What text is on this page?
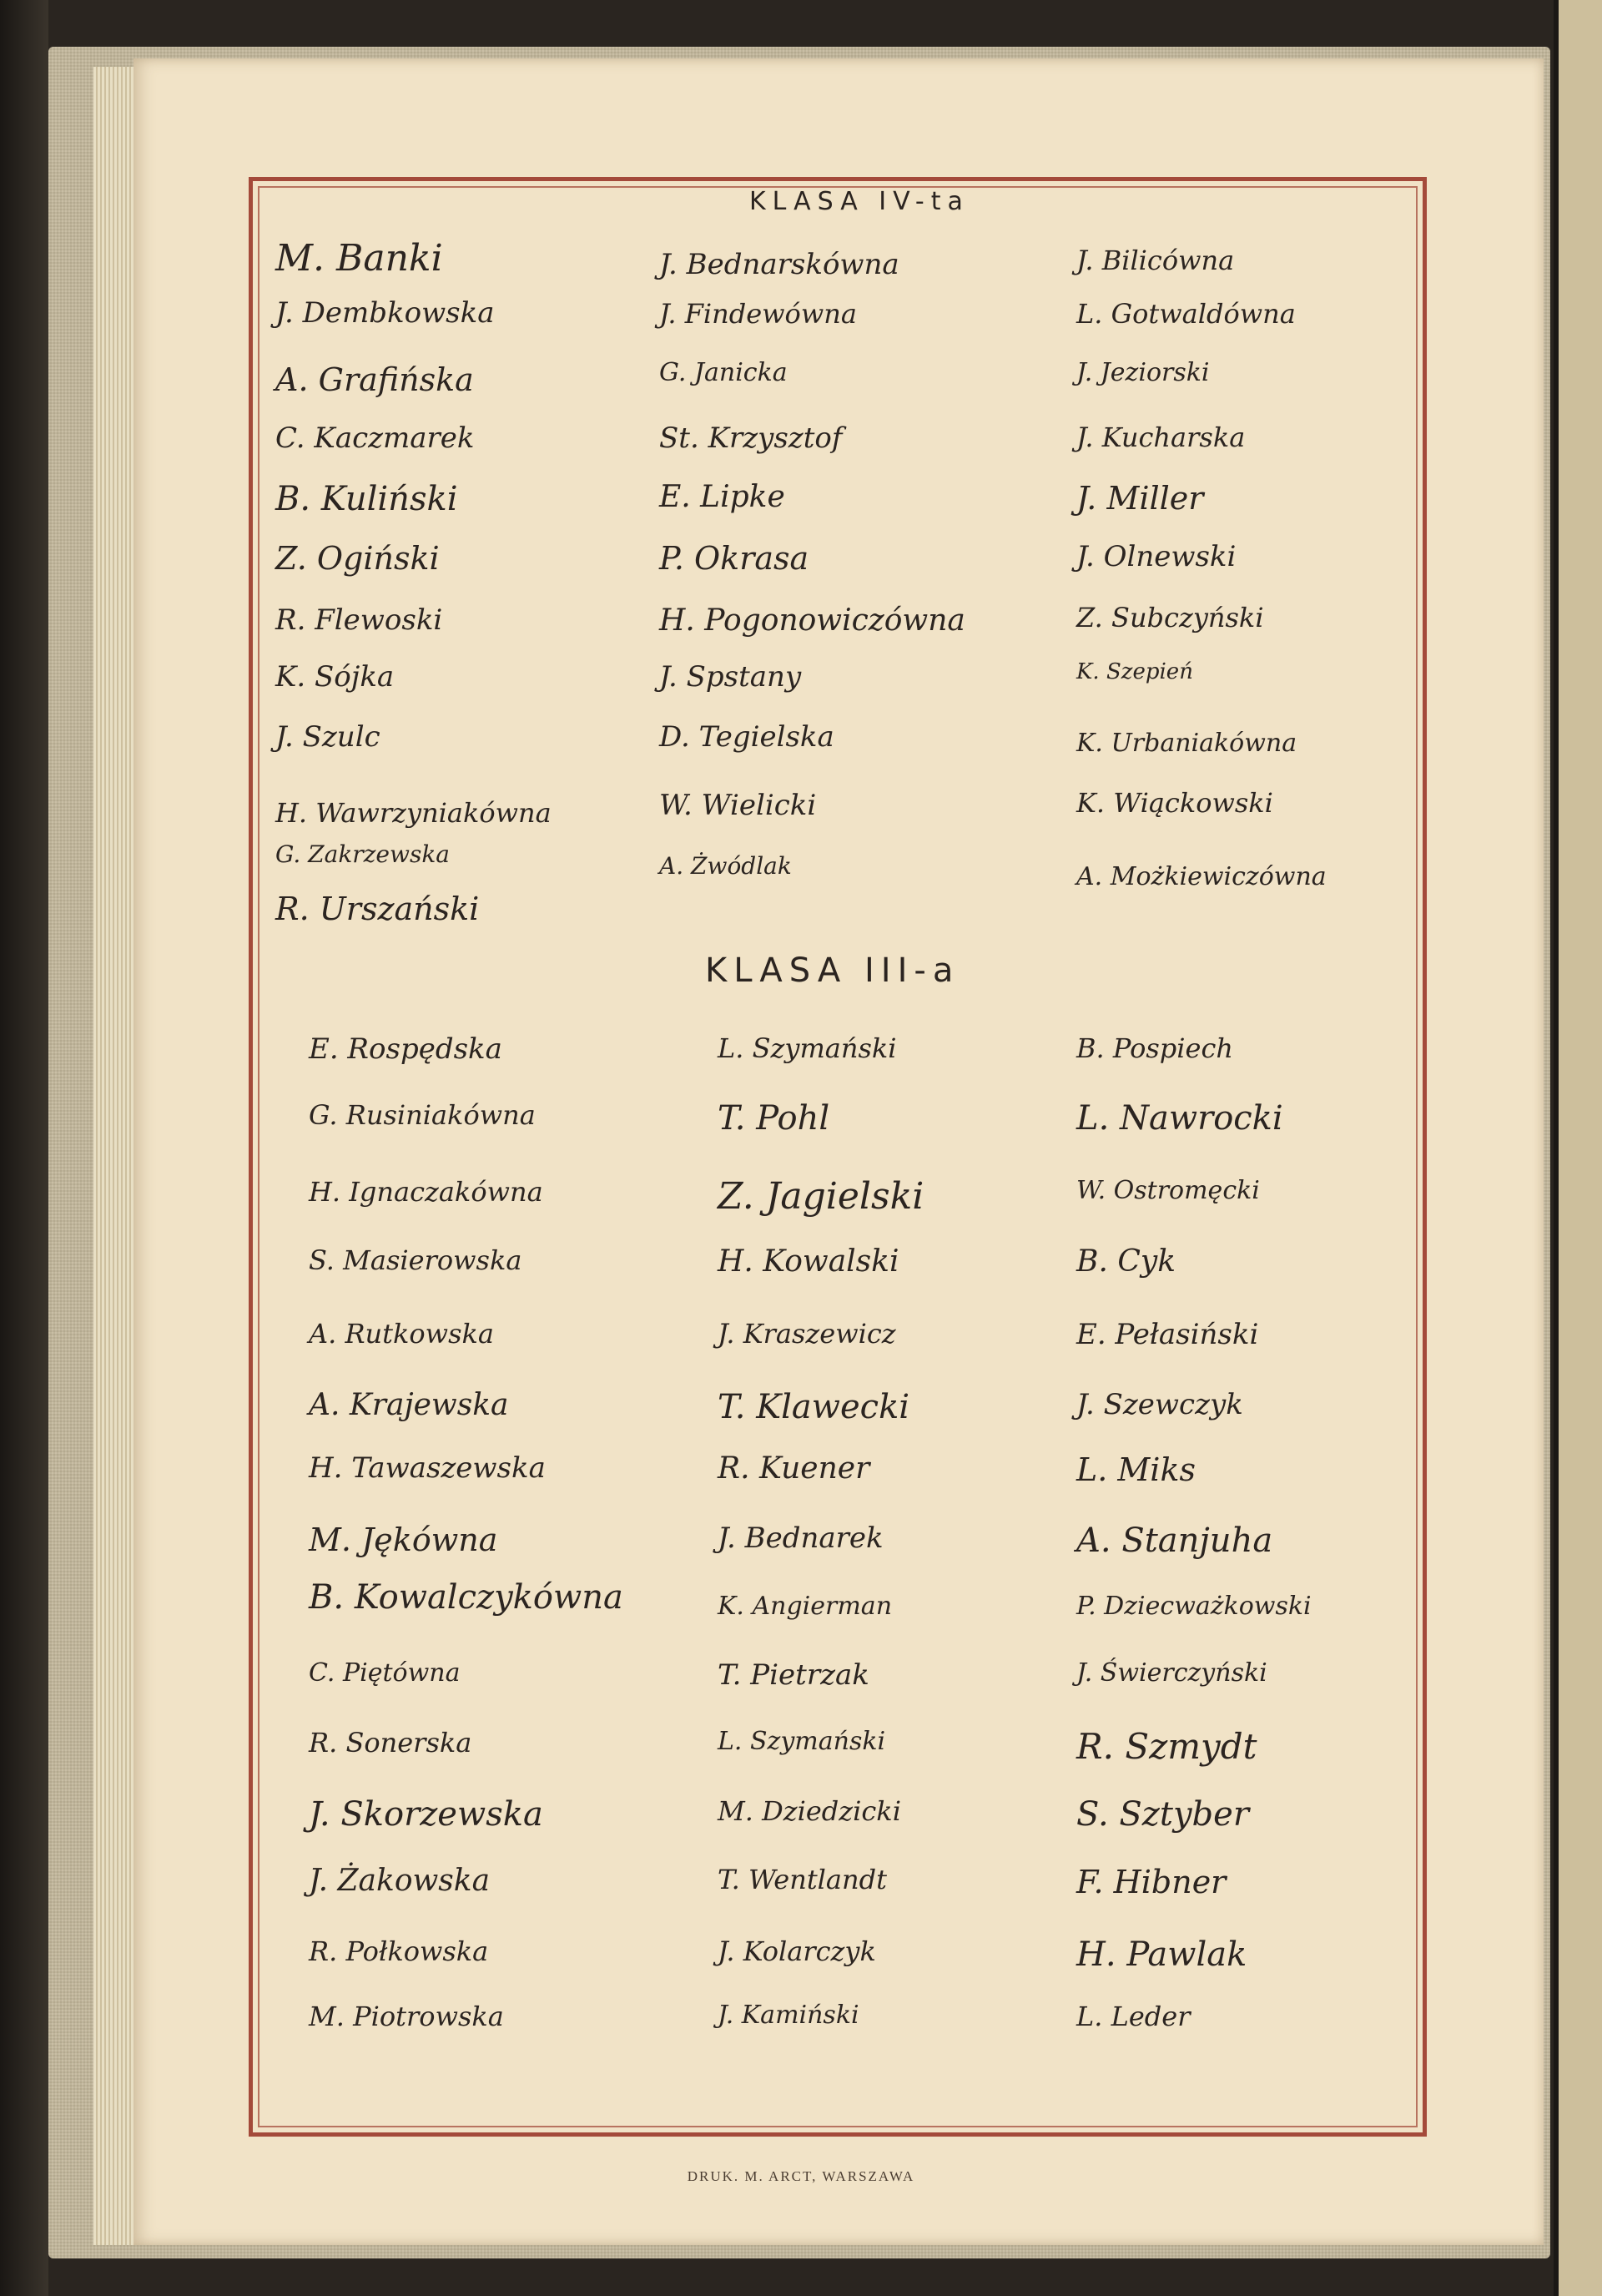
KLASA IV-ta
KLASA III-a
M. Banki
J. Dembkowska
A. Grafińska
C. Kaczmarek
B. Kuliński
Z. Ogiński
R. Flewoski
K. Sójka
J. Szulc
H. Wawrzyniakówna
G. Zakrzewska
R. Urszański
J. Bednarskówna
J. Findewówna
G. Janicka
St. Krzysztof
E. Lipke
P. Okrasa
H. Pogonowiczówna
J. Spstany
D. Tegielska
W. Wielicki
A. Żwódlak
J. Bilicówna
L. Gotwaldówna
J. Jeziorski
J. Kucharska
J. Miller
J. Olnewski
Z. Subczyński
K. Szepień
K. Urbaniakówna
K. Wiąckowski
A. Możkiewiczówna
E. Rospędska
G. Rusiniakówna
H. Ignaczakówna
S. Masierowska
A. Rutkowska
A. Krajewska
H. Tawaszewska
M. Jękówna
B. Kowalczykówna
C. Piętówna
R. Sonerska
J. Skorzewska
J. Żakowska
R. Połkowska
M. Piotrowska
L. Szymański
T. Pohl
Z. Jagielski
H. Kowalski
J. Kraszewicz
T. Klawecki
R. Kuener
J. Bednarek
K. Angierman
T. Pietrzak
L. Szymański
M. Dziedzicki
T. Wentlandt
J. Kolarczyk
J. Kamiński
B. Pospiech
L. Nawrocki
W. Ostromęcki
B. Cyk
E. Pełasiński
J. Szewczyk
L. Miks
A. Stanjuha
P. Dziecważkowski
J. Świerczyński
R. Szmydt
S. Sztyber
F. Hibner
H. Pawlak
L. Leder
DRUK. M. ARCT, WARSZAWA
